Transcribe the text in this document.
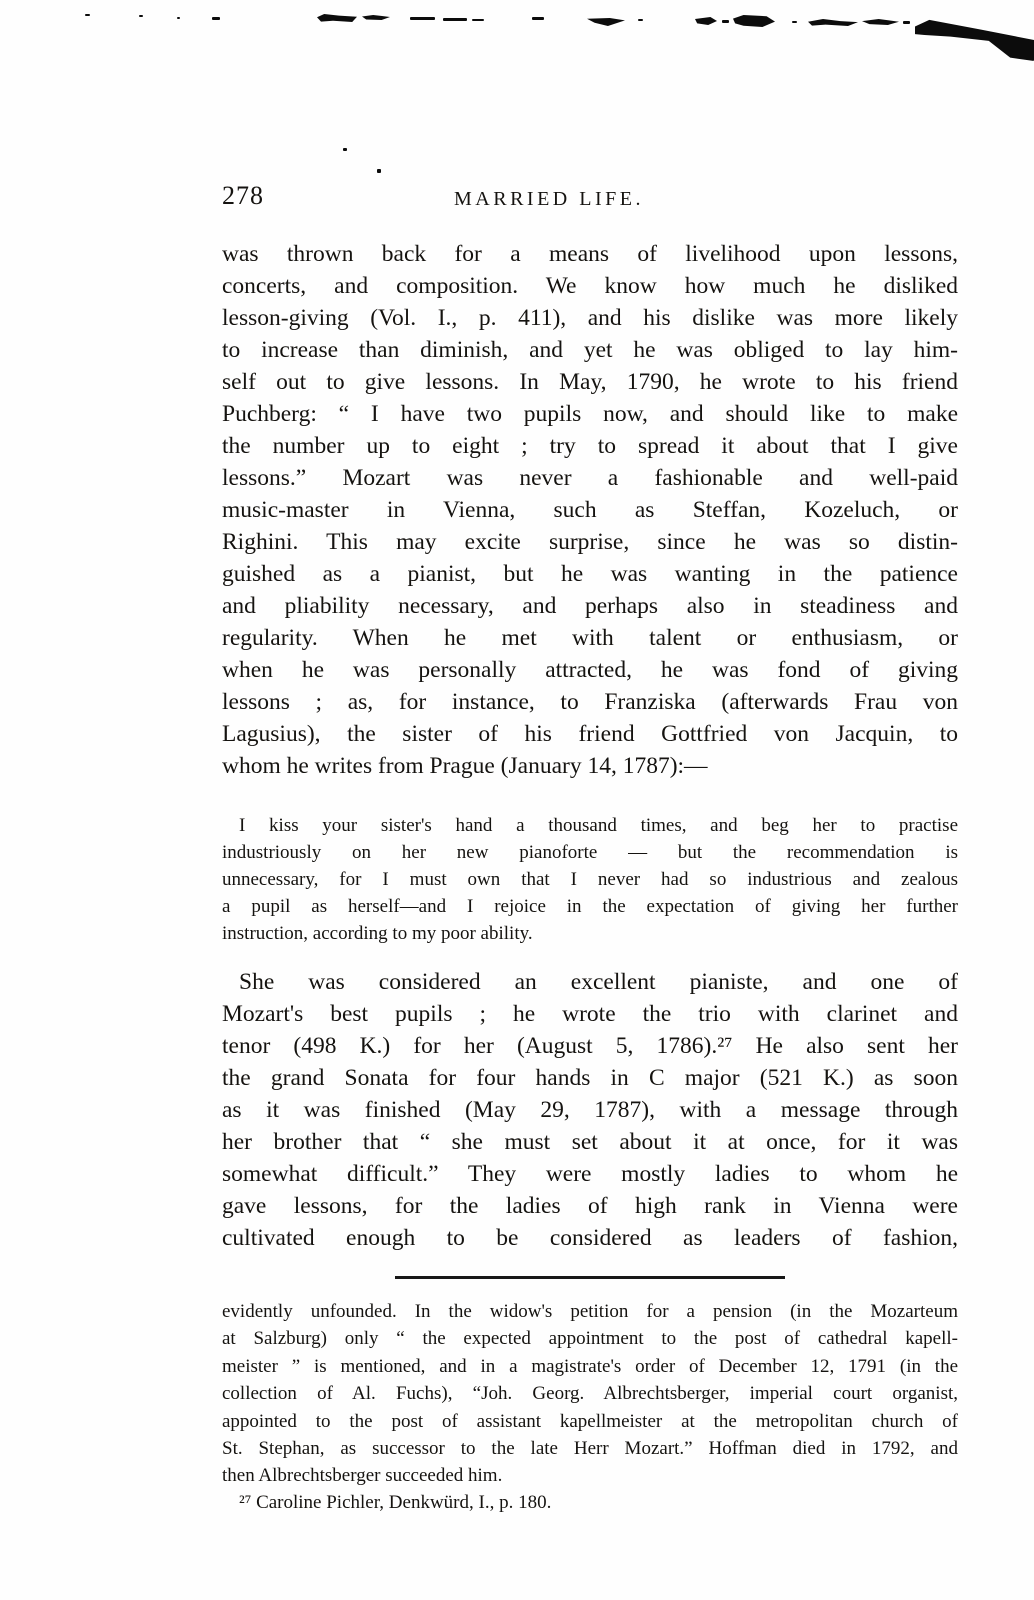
278	MARRIED LIFE.
was thrown back for a means of livelihood upon lessons,
concerts, and composition. We know how much he disliked
lesson-giving (Vol. I., p. 411), and his dislike was more likely
to increase than diminish, and yet he was obliged to lay him-
self out to give lessons. In May, 1790, he wrote to his friend
Puchberg: “ I have two pupils now, and should like to make
the number up to eight ; try to spread it about that I give
lessons.” Mozart was never a fashionable and well-paid
music-master in Vienna, such as Steffan, Kozeluch, or
Righini. This may excite surprise, since he was so distin-
guished as a pianist, but he was wanting in the patience
and pliability necessary, and perhaps also in steadiness and
regularity. When he met with talent or enthusiasm, or
when he was personally attracted, he was fond of giving
lessons ; as, for instance, to Franziska (afterwards Frau von
Lagusius), the sister of his friend Gottfried von Jacquin, to
whom he writes from Prague (January 14, 1787):—
I kiss your sister's hand a thousand times, and beg her to practise
industriously on her new pianoforte — but the recommendation is
unnecessary, for I must own that I never had so industrious and zealous
a pupil as herself—and I rejoice in the expectation of giving her further
instruction, according to my poor ability.
She was considered an excellent pianiste, and one of
Mozart's best pupils ; he wrote the trio with clarinet and
tenor (498 K.) for her (August 5, 1786).²⁷ He also sent her
the grand Sonata for four hands in C major (521 K.) as soon
as it was finished (May 29, 1787), with a message through
her brother that “ she must set about it at once, for it was
somewhat difficult.” They were mostly ladies to whom he
gave lessons, for the ladies of high rank in Vienna were
cultivated enough to be considered as leaders of fashion,
evidently unfounded. In the widow's petition for a pension (in the Mozarteum
at Salzburg) only “ the expected appointment to the post of cathedral kapell-
meister ” is mentioned, and in a magistrate's order of December 12, 1791 (in the
collection of Al. Fuchs), “Joh. Georg. Albrechtsberger, imperial court organist,
appointed to the post of assistant kapellmeister at the metropolitan church of
St. Stephan, as successor to the late Herr Mozart.” Hoffman died in 1792, and
then Albrechtsberger succeeded him.
²⁷ Caroline Pichler, Denkwürd, I., p. 180.
